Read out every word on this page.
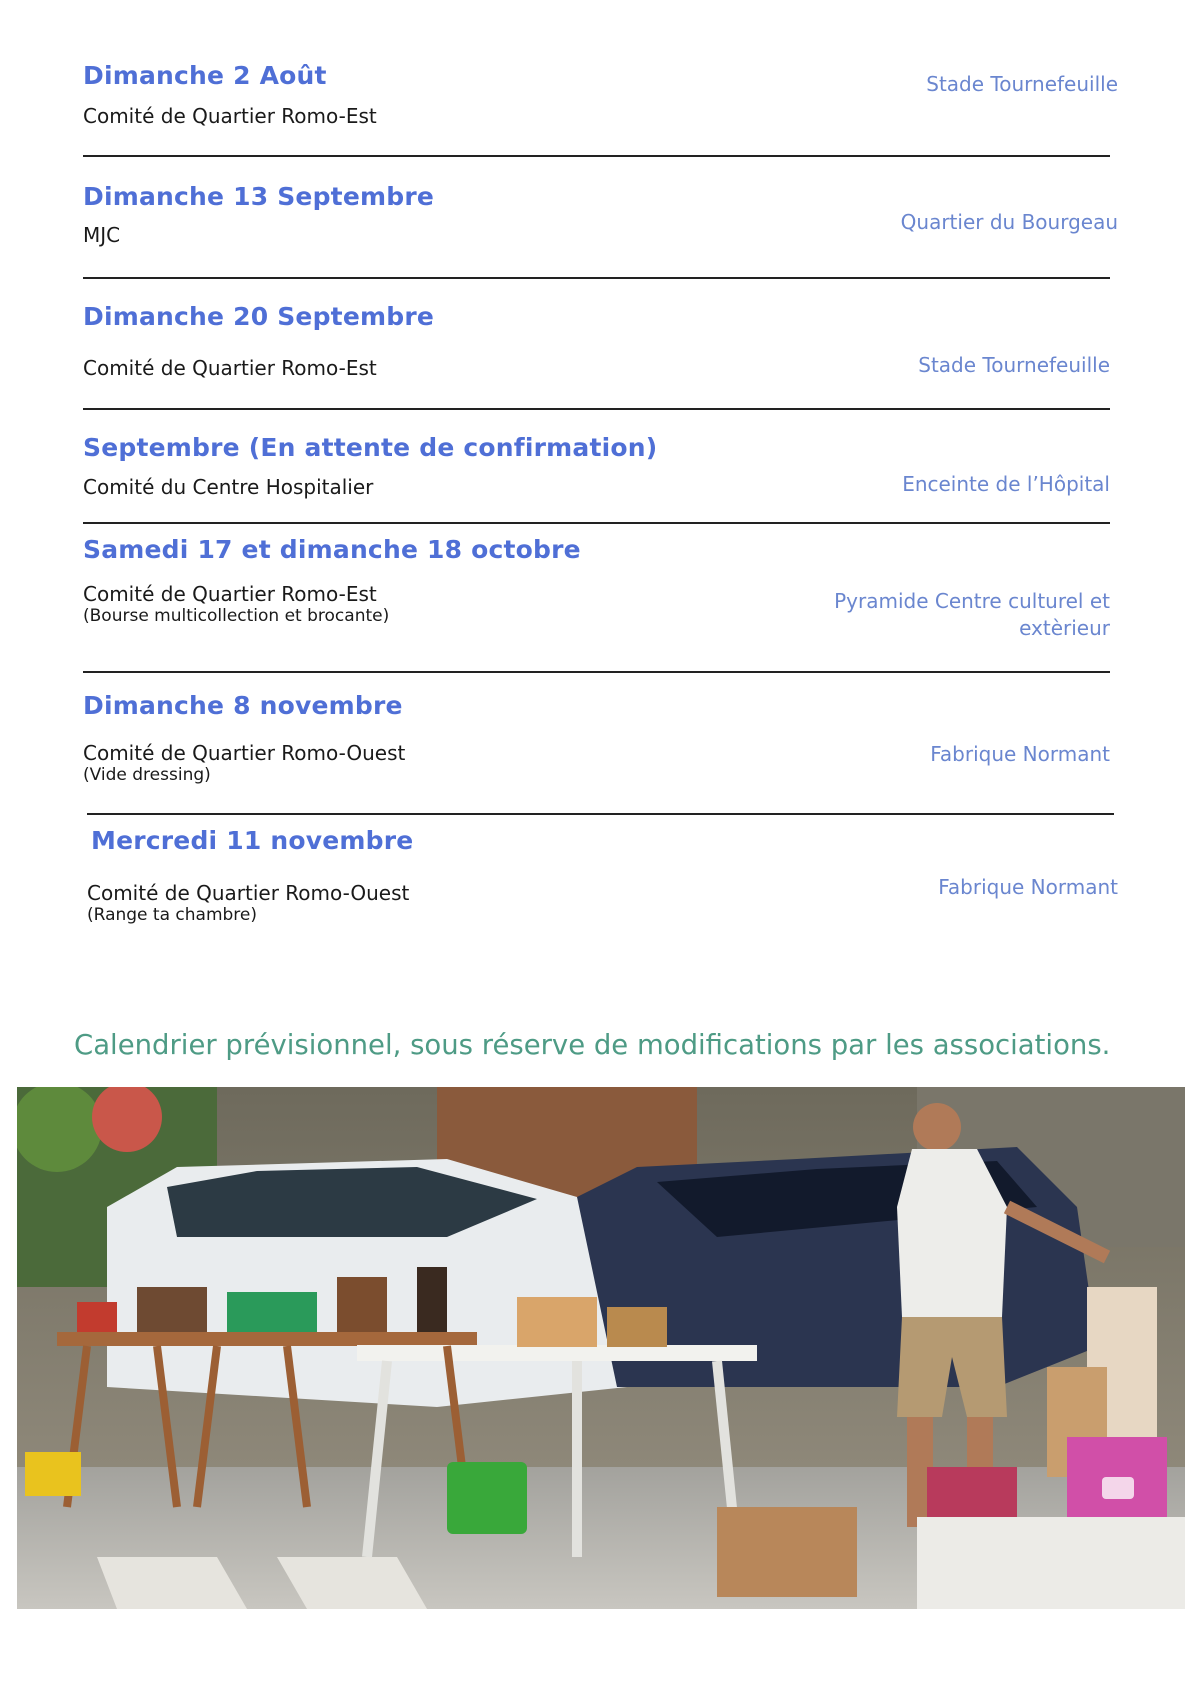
Dimanche 2 Août

Comité de Quartier Romo-Est

Stade Tournefeuille

Dimanche 13 Septembre

MJC

Quartier du Bourgeau

Dimanche 20 Septembre

Comité de Quartier Romo-Est	Stade Tournefeuille

Septembre (En attente de confirmation)

Comité du Centre Hospitalier	Enceinte de l’Hôpital

Samedi 17 et dimanche 18 octobre

Comité de Quartier Romo-Est

(Bourse multicollection et brocante)

Pyramide Centre culturel et

extèrieur

Dimanche 8 novembre

Comité de Quartier Romo-Ouest

(Vide dressing)

Fabrique Normant

Mercredi 11 novembre

Comité de Quartier Romo-Ouest

(Range ta chambre)

Fabrique Normant

Calendrier prévisionnel, sous réserve de modifications par les associations.
